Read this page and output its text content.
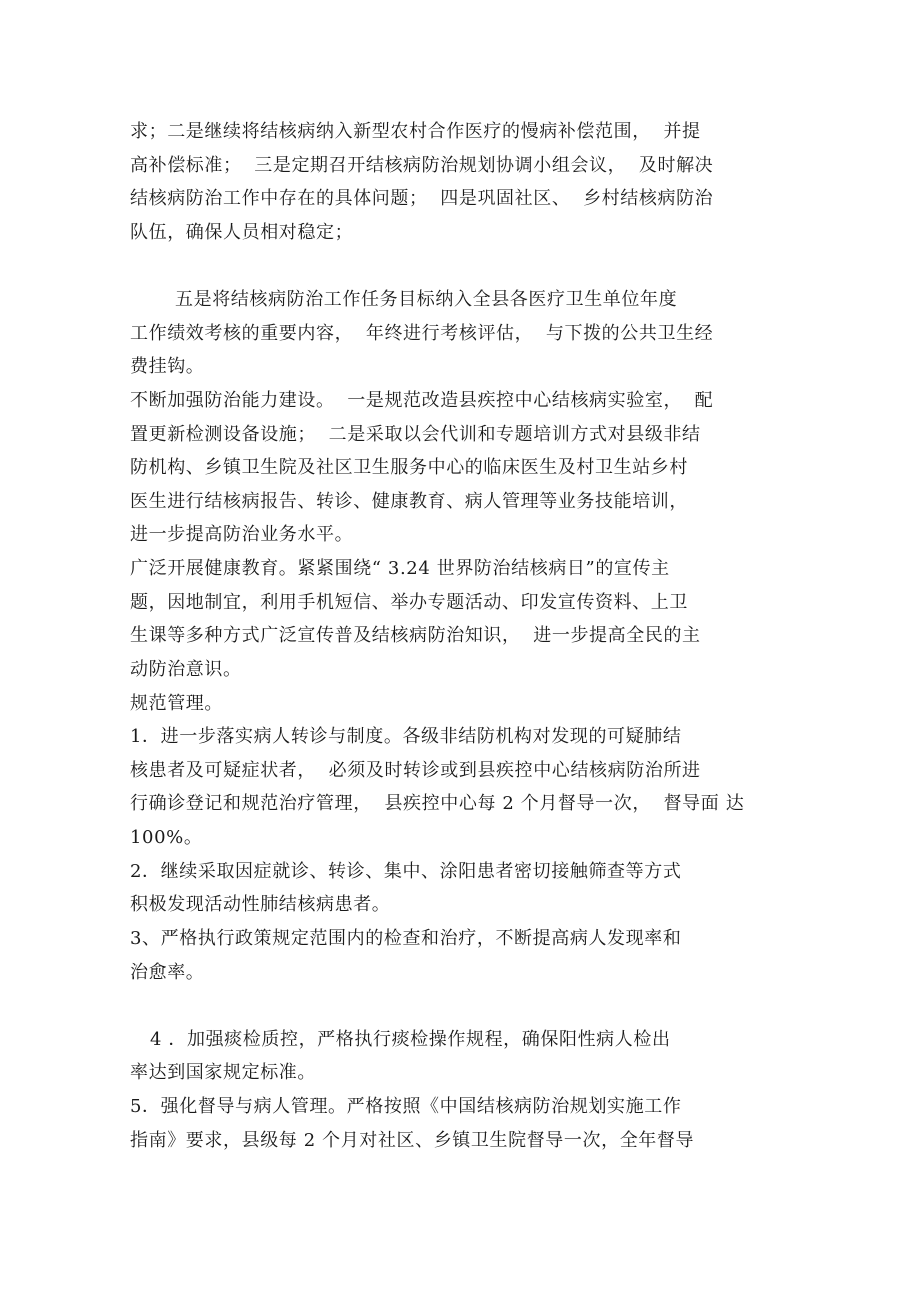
求；二是继续将结核病纳入新型农村合作医疗的慢病补偿范围，  并提
高补偿标准；  三是定期召开结核病防治规划协调小组会议，  及时解决
结核病防治工作中存在的具体问题；  四是巩固社区、  乡村结核病防治
队伍，确保人员相对稳定；
五是将结核病防治工作任务目标纳入全县各医疗卫生单位年度
工作绩效考核的重要内容，  年终进行考核评估，  与下拨的公共卫生经
费挂钩。
不断加强防治能力建设。  一是规范改造县疾控中心结核病实验室，  配
置更新检测设备设施；  二是采取以会代训和专题培训方式对县级非结
防机构、乡镇卫生院及社区卫生服务中心的临床医生及村卫生站乡村
医生进行结核病报告、转诊、健康教育、病人管理等业务技能培训，
进一步提高防治业务水平。
广泛开展健康教育。紧紧围绕“ 3.24 世界防治结核病日”的宣传主
题，因地制宜，利用手机短信、举办专题活动、印发宣传资料、上卫
生课等多种方式广泛宣传普及结核病防治知识，  进一步提高全民的主
动防治意识。
规范管理。
1．进一步落实病人转诊与制度。各级非结防机构对发现的可疑肺结
核患者及可疑症状者，  必须及时转诊或到县疾控中心结核病防治所进
行确诊登记和规范治疗管理，  县疾控中心每 2 个月督导一次，  督导面 达
100%。
2．继续采取因症就诊、转诊、集中、涂阳患者密切接触筛查等方式
积极发现活动性肺结核病患者。
3、严格执行政策规定范围内的检查和治疗，不断提高病人发现率和
治愈率。
4 ．加强痰检质控，严格执行痰检操作规程，确保阳性病人检出
率达到国家规定标准。
5．强化督导与病人管理。严格按照《中国结核病防治规划实施工作
指南》要求，县级每 2 个月对社区、乡镇卫生院督导一次，全年督导
